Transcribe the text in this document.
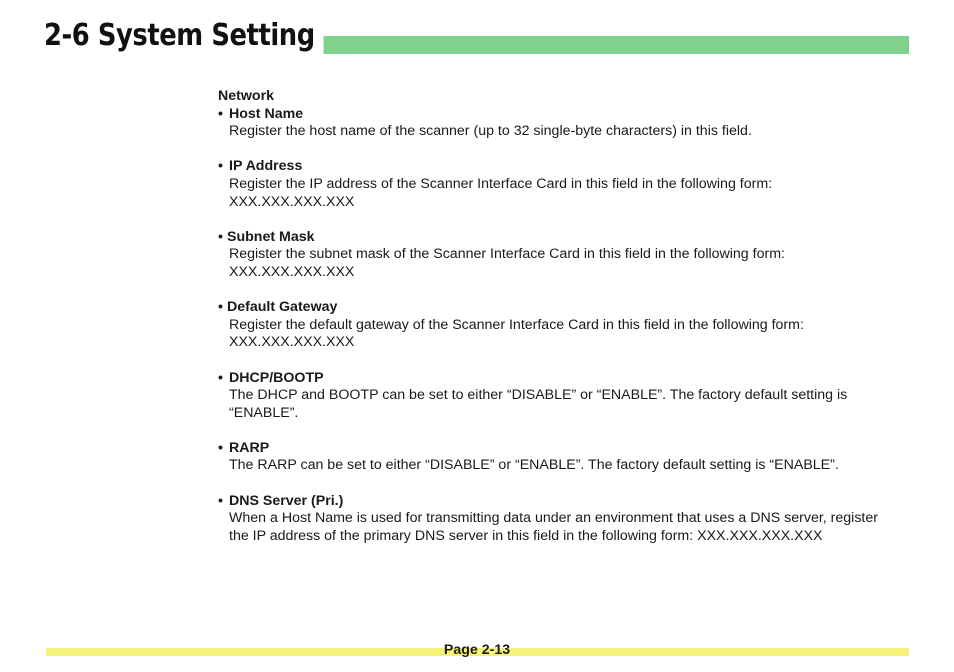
2-6 System Setting
Network
• Host Name
Register the host name of the scanner (up to 32 single-byte characters) in this field.
• IP Address
Register the IP address of the Scanner Interface Card in this field in the following form:
XXX.XXX.XXX.XXX
• Subnet Mask
Register the subnet mask of the Scanner Interface Card in this field in the following form:
XXX.XXX.XXX.XXX
• Default Gateway
Register the default gateway of the Scanner Interface Card in this field in the following form:
XXX.XXX.XXX.XXX
• DHCP/BOOTP
The DHCP and BOOTP can be set to either “DISABLE” or “ENABLE”. The factory default setting is
“ENABLE”.
• RARP
The RARP can be set to either “DISABLE” or “ENABLE”. The factory default setting is “ENABLE”.
• DNS Server (Pri.)
When a Host Name is used for transmitting data under an environment that uses a DNS server, register
the IP address of the primary DNS server in this field in the following form: XXX.XXX.XXX.XXX
Page 2-13
